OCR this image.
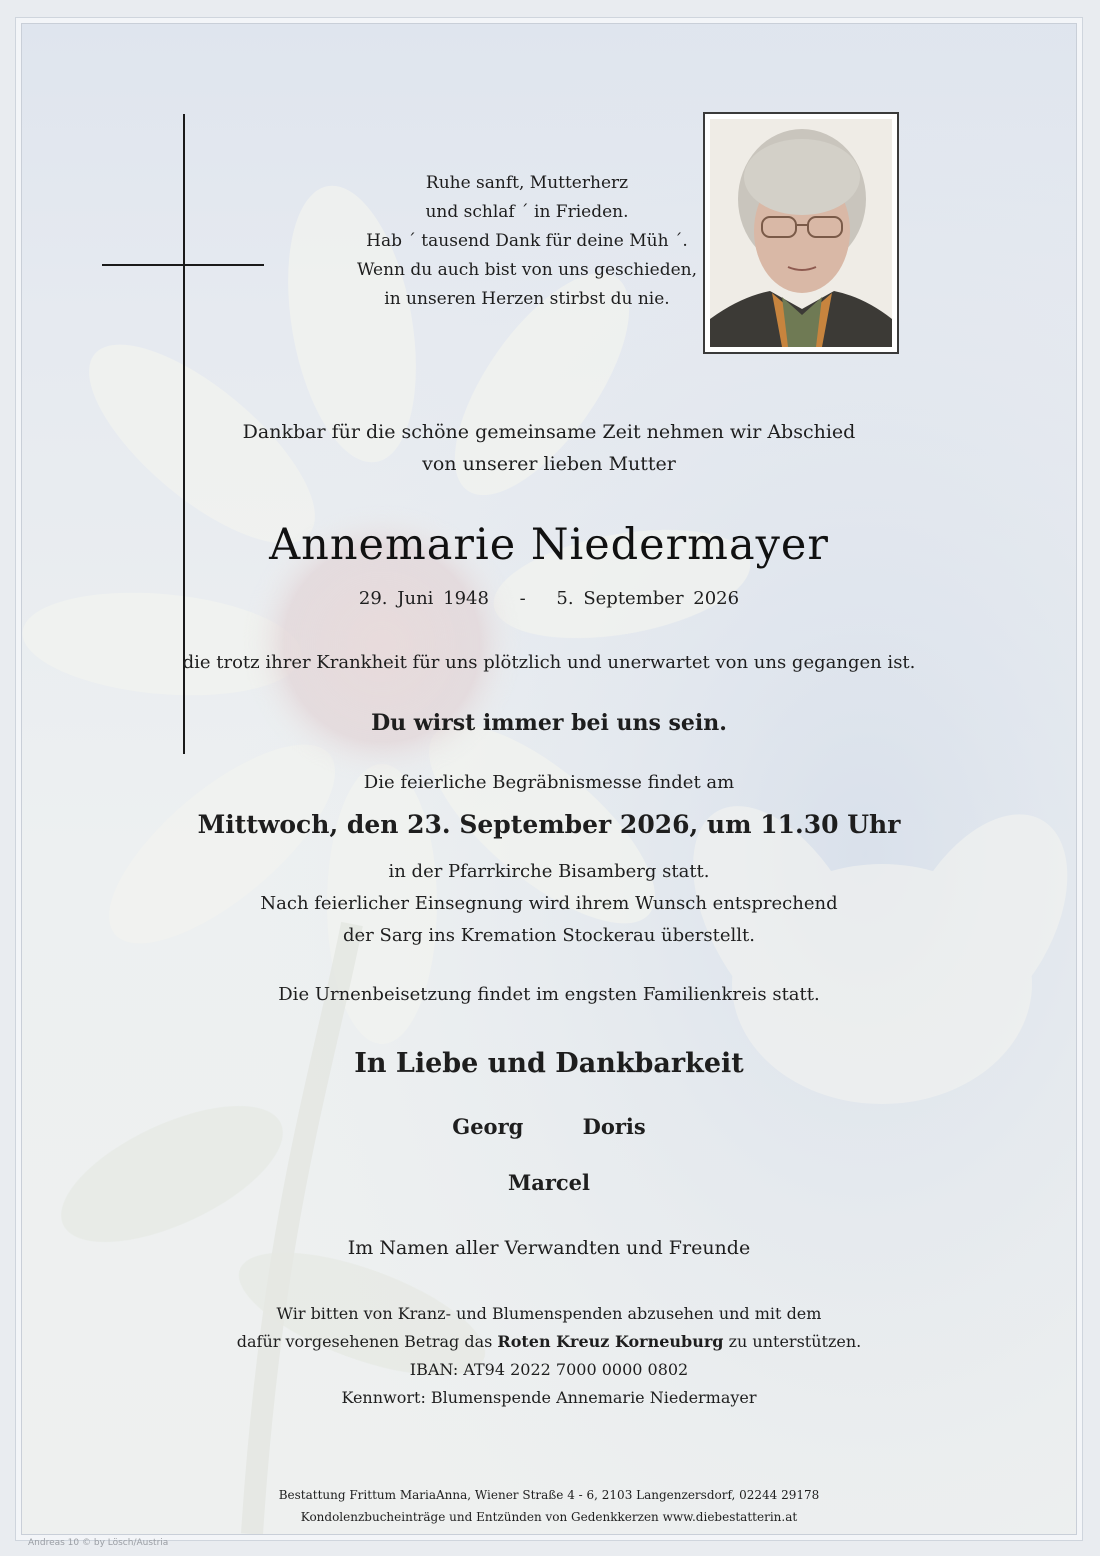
Ruhe sanft, Mutterherz
und schlaf ´ in Frieden.
Hab ´ tausend Dank für deine Müh ´.
Wenn du auch bist von uns geschieden,
in unseren Herzen stirbst du nie.
Dankbar für die schöne gemeinsame Zeit nehmen wir Abschied
von unserer lieben Mutter
Annemarie Niedermayer
29. Juni 1948 - 5. September 2026
die trotz ihrer Krankheit für uns plötzlich und unerwartet von uns gegangen ist.
Du wirst immer bei uns sein.
Die feierliche Begräbnismesse findet am
Mittwoch, den 23. September 2026, um 11.30 Uhr
in der Pfarrkirche Bisamberg statt.
Nach feierlicher Einsegnung wird ihrem Wunsch entsprechend
der Sarg ins Kremation Stockerau überstellt.
Die Urnenbeisetzung findet im engsten Familienkreis statt.
In Liebe und Dankbarkeit
Georg	Doris
Marcel
Im Namen aller Verwandten und Freunde
Wir bitten von Kranz- und Blumenspenden abzusehen und mit dem
dafür vorgesehenen Betrag das Roten Kreuz Korneuburg zu unterstützen.
IBAN: AT94 2022 7000 0000 0802
Kennwort: Blumenspende Annemarie Niedermayer
Bestattung Frittum MariaAnna, Wiener Straße 4 - 6, 2103 Langenzersdorf, 02244 29178
Kondolenzbucheinträge und Entzünden von Gedenkkerzen www.diebestatterin.at
Andreas 10 © by Lösch/Austria
